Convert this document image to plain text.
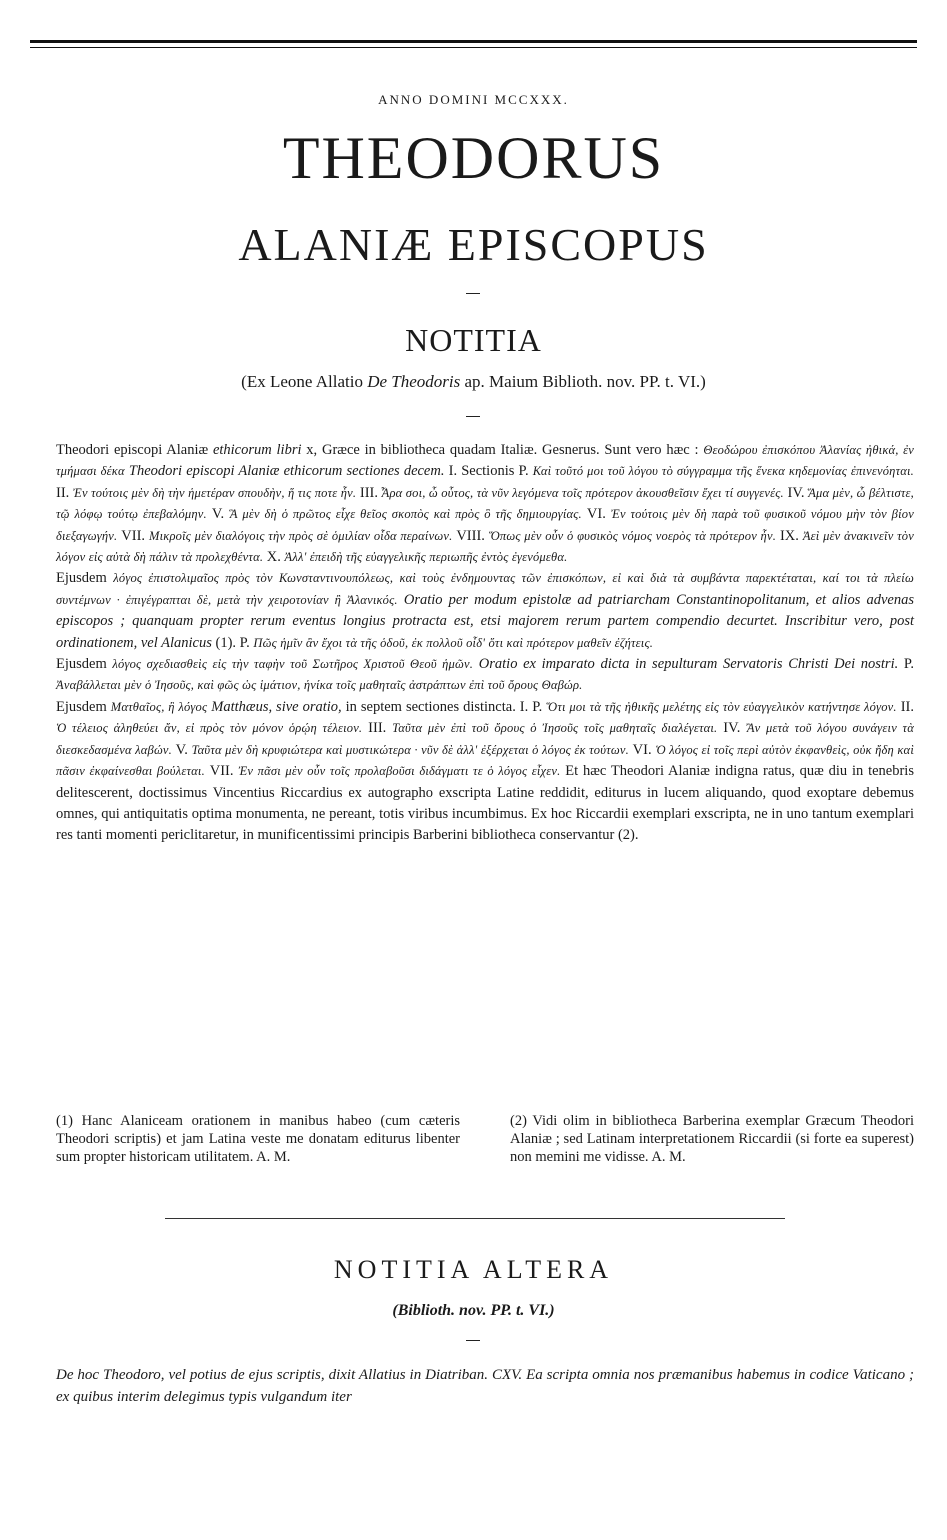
ANNO DOMINI MCCXXX.
THEODORUS
ALANIÆ EPISCOPUS
NOTITIA
(Ex Leone Allatio De Theodoris ap. Maium Biblioth. nov. PP. t. VI.)

Theodori episcopi Alaniæ ethicorum libri x, Græce in bibliotheca quadam Italiæ. Gesnerus. Sunt vero hæc : Θεοδώρου ἐπισκόπου Ἀλανίας ἠθικά, ἐν τμήμασι δέκα Theodori episcopi Alaniæ ethicorum sectiones decem. I. Sectionis P. Καὶ τοῦτό μοι τοῦ λόγου τὸ σύγγραμμα τῆς ἕνεκα κηδεμονίας ἐπινενόηται. II. Ἐν τούτοις μὲν δὴ τὴν ἡμετέραν σπουδὴν, ἥ τις ποτε ἦν. III. Ἆρα σοι, ὦ οὗτος, τὰ νῦν λεγόμενα τοῖς πρότερον ἀκουσθεῖσιν ἔχει τί συγγενές. IV. Ἅμα μὲν, ὦ βέλτιστε, τῷ λόφῳ τούτῳ ἐπεβαλόμην. V. Ἃ μὲν δὴ ὁ πρῶτος εἶχε θεῖος σκοπὸς καὶ πρὸς ὃ τῆς δημιουργίας. VI. Ἐν τούτοις μὲν δὴ παρὰ τοῦ φυσικοῦ νόμου μὴν τὸν βίον διεξαγωγήν. VII. Μικροῖς μὲν διαλόγοις τὴν πρὸς σὲ ὁμιλίαν οἶδα περαίνων. VIII. Ὅπως μὲν οὖν ὁ φυσικὸς νόμος νοερὸς τὰ πρότερον ἦν. IX. Ἀεὶ μὲν ἀνακινεῖν τὸν λόγον εἰς αὐτὰ δὴ πάλιν τὰ προλεχθέντα. X. Ἀλλ' ἐπειδὴ τῆς εὐαγγελικῆς περιωπῆς ἐντὸς ἐγενόμεθα.

Ejusdem λόγος ἐπιστολιμαῖος πρὸς τὸν Κωνσταντινουπόλεως, καὶ τοὺς ἐνδημουντας τῶν ἐπισκόπων, εἰ καὶ διὰ τὰ συμβάντα παρεκτέταται, καί τοι τὰ πλείω συντέμνων · ἐπιγέγραπται δὲ, μετὰ τὴν χειροτονίαν ἢ Ἀλανικός. Oratio per modum epistolæ ad patriarcham Constantinopolitanum, et alios advenas episcopos ; quanquam propter rerum eventus longius protracta est, etsi majorem rerum partem compendio decurtet. Inscribitur vero, post ordinationem, vel Alanicus (1). P. Πῶς ἡμῖν ἂν ἔχοι τὰ τῆς ὁδοῦ, ἐκ πολλοῦ οἶδ' ὅτι καὶ πρότερον μαθεῖν ἐζήτεις.

Ejusdem λόγος σχεδιασθεὶς εἰς τὴν ταφὴν τοῦ Σωτῆρος Χριστοῦ Θεοῦ ἡμῶν. Oratio ex imparato dicta in sepulturam Servatoris Christi Dei nostri. P. Ἀναβάλλεται μὲν ὁ Ἰησοῦς, καὶ φῶς ὡς ἱμάτιον, ἡνίκα τοῖς μαθηταῖς ἀστράπτων ἐπὶ τοῦ ὄρους Θαβώρ.

Ejusdem Ματθαῖος, ἢ λόγος Matthæus, sive oratio, in septem sectiones distincta. I. P. Ὅτι μοι τὰ τῆς ἠθικῆς μελέτης εἰς τὸν εὐαγγελικὸν κατήντησε λόγον. II. Ὁ τέλειος ἀληθεύει ἄν, εἰ πρὸς τὸν μόνον ὁρῴη τέλειον. III. Ταῦτα μὲν ἐπὶ τοῦ ὄρους ὁ Ἰησοῦς τοῖς μαθηταῖς διαλέγεται. IV. Ἂν μετὰ τοῦ λόγου συνάγειν τὰ διεσκεδασμένα λαβών. V. Ταῦτα μὲν δὴ κρυφιώτερα καὶ μυστικώτερα · νῦν δὲ ἀλλ' ἐξέρχεται ὁ λόγος ἐκ τούτων. VI. Ὁ λόγος εἰ τοῖς περὶ αὐτὸν ἐκφανθεὶς, οὐκ ἤδη καὶ πᾶσιν ἐκφαίνεσθαι βούλεται. VII. Ἐν πᾶσι μὲν οὖν τοῖς προλαβοῦσι διδάγματι τε ὁ λόγος εἶχεν. Et hæc Theodori Alaniæ indigna ratus, quæ diu in tenebris delitescerent, doctissimus Vincentius Riccardius ex autographo exscripta Latine reddidit, editurus in lucem aliquando, quod exoptare debemus omnes, qui antiquitatis optima monumenta, ne pereant, totis viribus incumbimus. Ex hoc Riccardii exemplari exscripta, ne in uno tantum exemplari res tanti momenti periclitaretur, in munificentissimi principis Barberini bibliotheca conservantur (2).

(1) Hanc Alaniceam orationem in manibus habeo (cum cæteris Theodori scriptis) et jam Latina veste me donatam editurus libenter sum propter historicam utilitatem. A. M.
(2) Vidi olim in bibliotheca Barberina exemplar Græcum Theodori Alaniæ ; sed Latinam interpretationem Riccardii (si forte ea superest) non memini me vidisse. A. M.
NOTITIA ALTERA
(Biblioth. nov. PP. t. VI.)
De hoc Theodoro, vel potius de ejus scriptis, dixit Allatius in Diatriban. CXV. Ea scripta omnia nos præmanibus habemus in codice Vaticano ; ex quibus interim delegimus typis vulgandum iter
